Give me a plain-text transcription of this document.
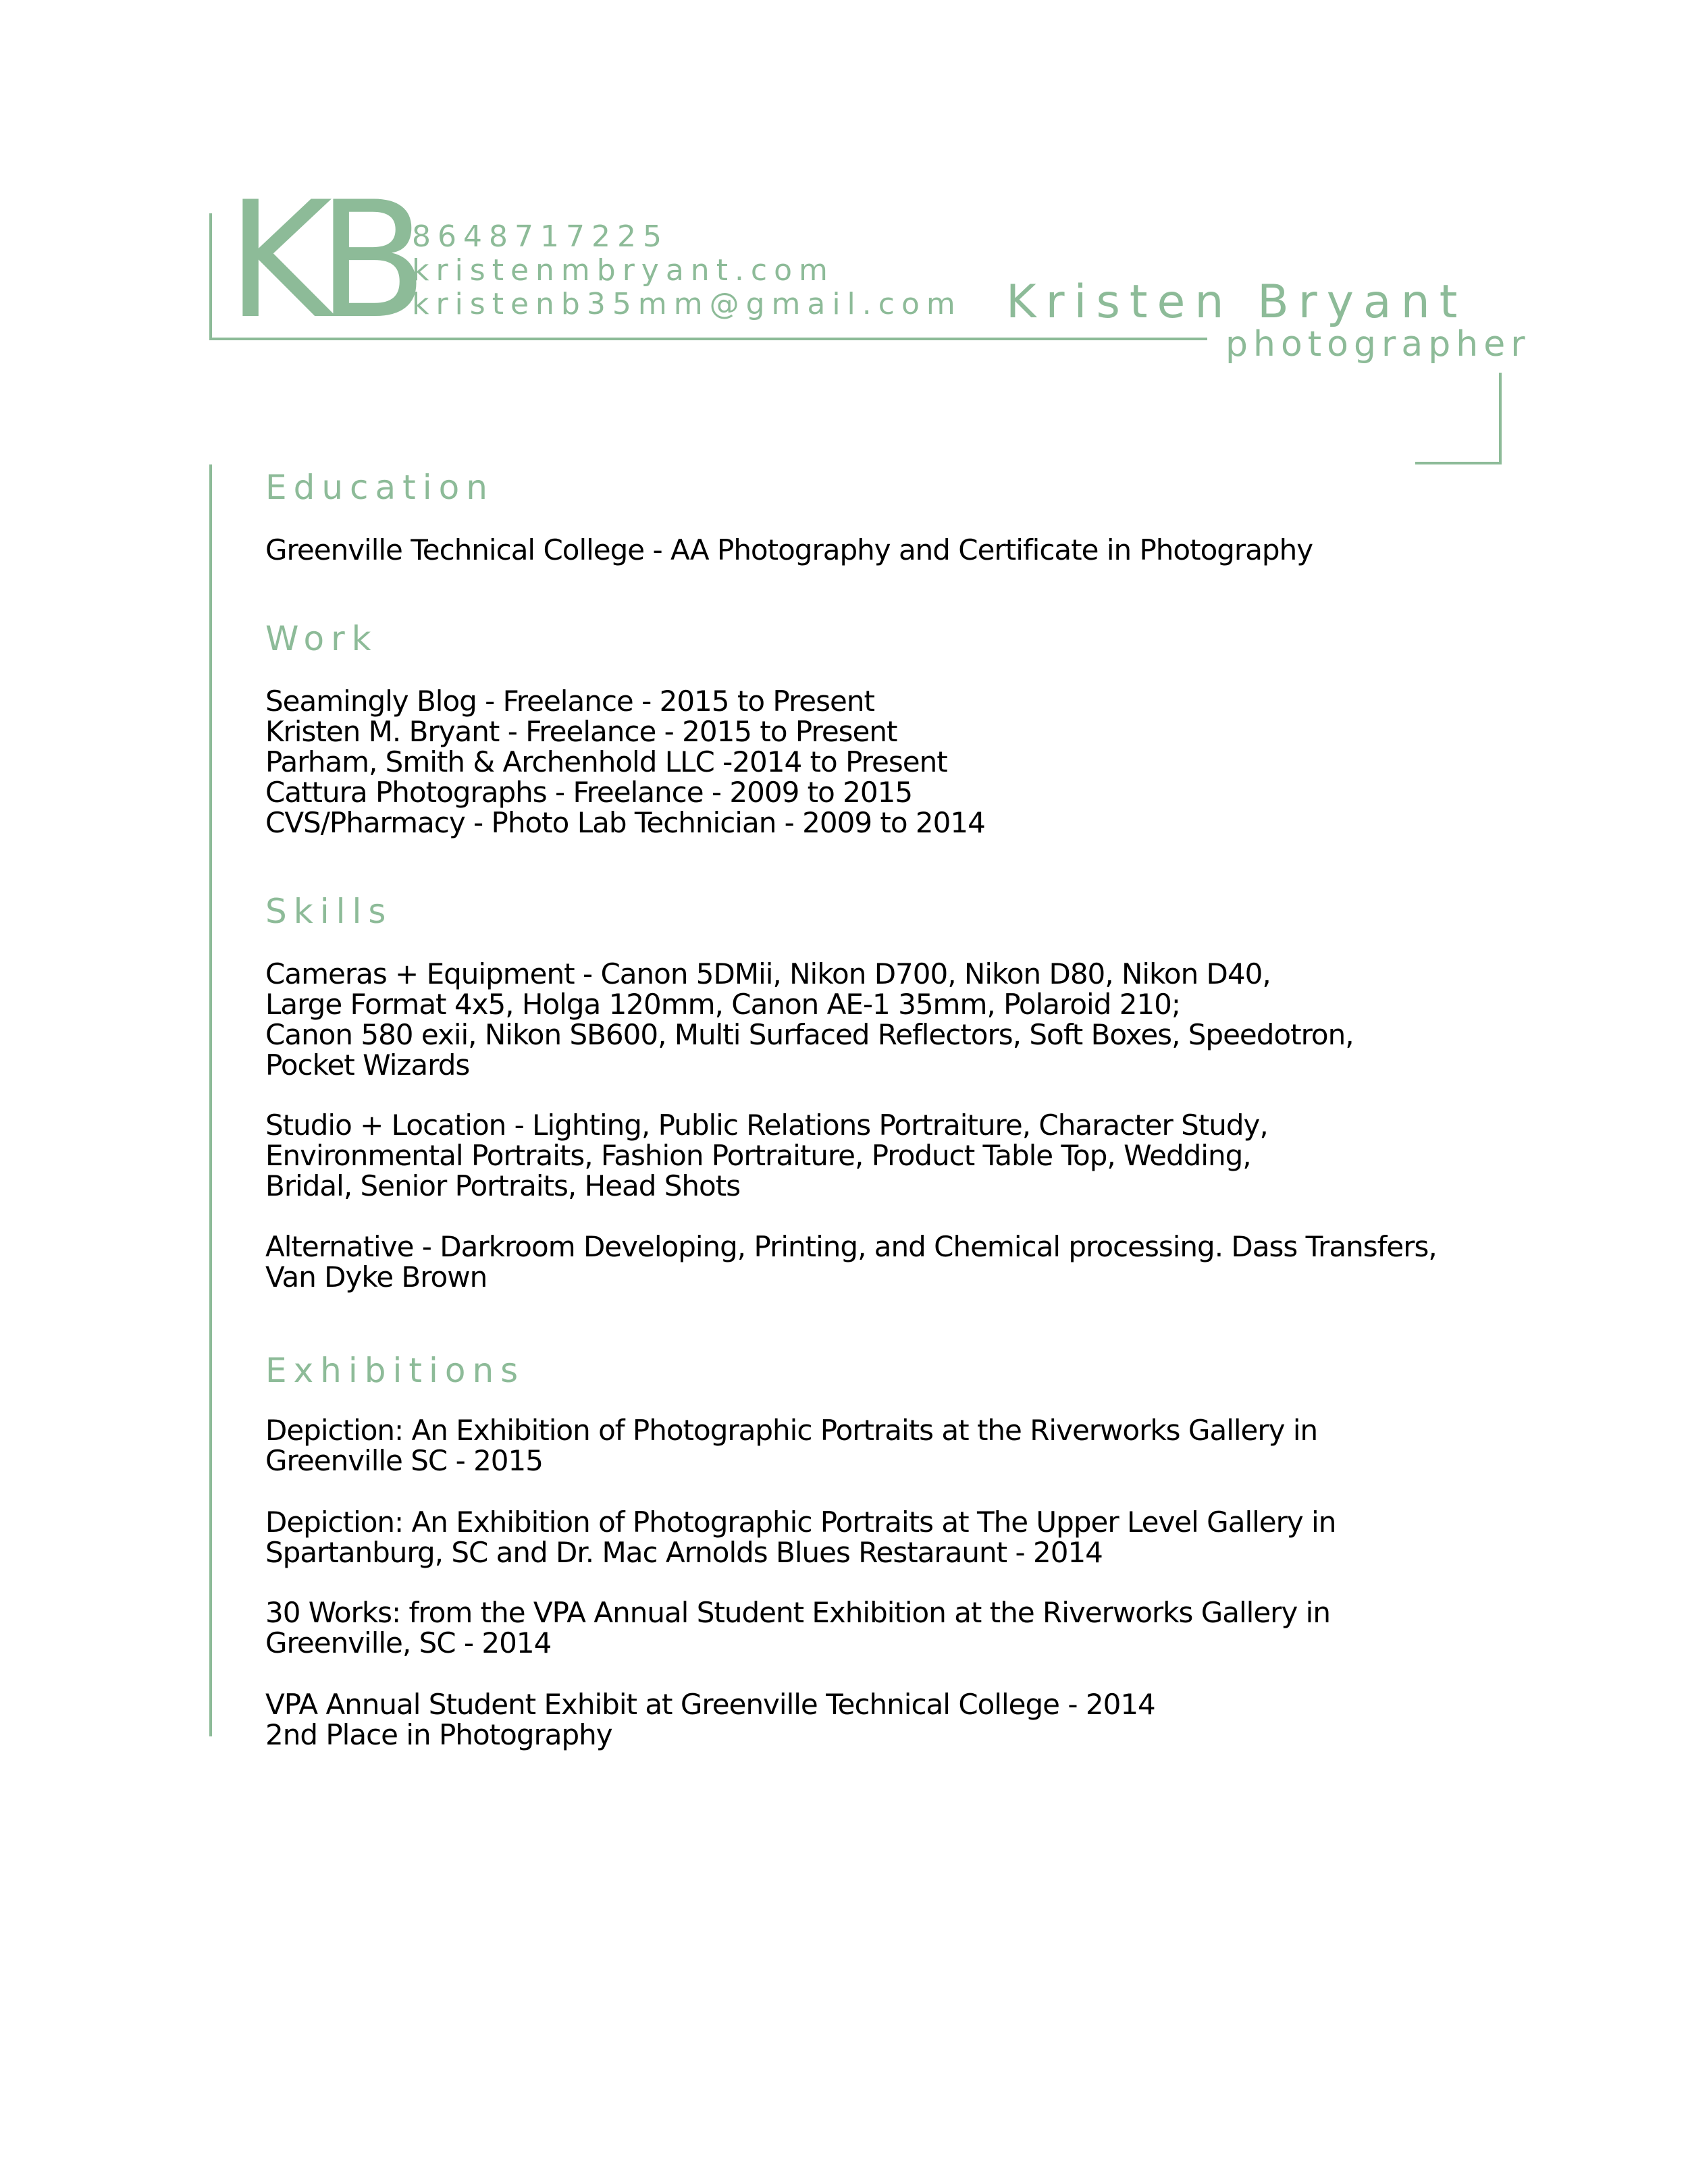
KB
8648717225
kristenmbryant.com
kristenb35mm@gmail.com Kristen Bryant
photographer
Education
Greenville Technical College - AA Photography and Certificate in Photography
Work
Seamingly Blog - Freelance - 2015 to Present
Kristen M. Bryant - Freelance - 2015 to Present
Parham, Smith & Archenhold LLC -2014 to Present
Cattura Photographs - Freelance - 2009 to 2015
CVS/Pharmacy - Photo Lab Technician - 2009 to 2014
Skills
Cameras + Equipment - Canon 5DMii, Nikon D700, Nikon D80, Nikon D40,
Large Format 4x5, Holga 120mm, Canon AE-1 35mm, Polaroid 210;
Canon 580 exii, Nikon SB600, Multi Surfaced Reflectors, Soft Boxes, Speedotron,
Pocket Wizards
Studio + Location - Lighting, Public Relations Portraiture, Character Study,
Environmental Portraits, Fashion Portraiture, Product Table Top, Wedding,
Bridal, Senior Portraits, Head Shots
Alternative - Darkroom Developing, Printing, and Chemical processing. Dass Transfers,
Van Dyke Brown
Exhibitions
Depiction: An Exhibition of Photographic Portraits at the Riverworks Gallery in
Greenville SC - 2015
Depiction: An Exhibition of Photographic Portraits at The Upper Level Gallery in
Spartanburg, SC and Dr. Mac Arnolds Blues Restaraunt - 2014
30 Works: from the VPA Annual Student Exhibition at the Riverworks Gallery in
Greenville, SC - 2014
VPA Annual Student Exhibit at Greenville Technical College - 2014
2nd Place in Photography
